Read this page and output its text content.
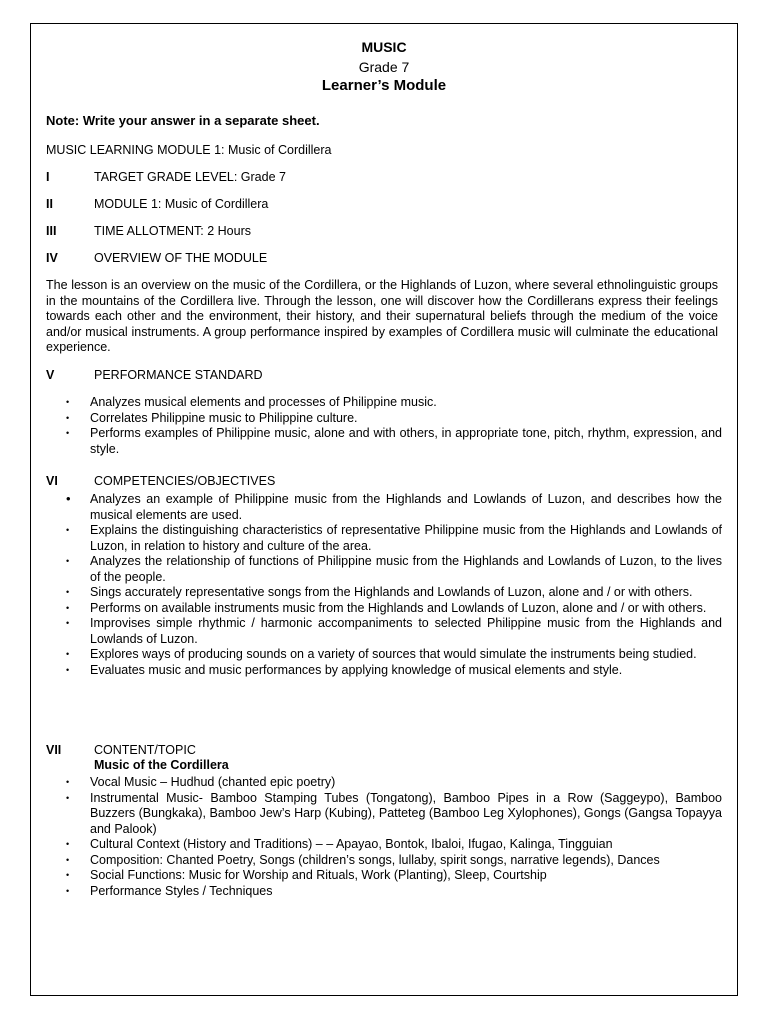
MUSIC
Grade 7
Learner’s Module
Note: Write your answer in a separate sheet.
MUSIC LEARNING MODULE 1: Music of Cordillera
I	TARGET GRADE LEVEL: Grade 7
II	MODULE 1: Music of Cordillera
III	TIME ALLOTMENT: 2 Hours
IV	OVERVIEW OF THE MODULE
The lesson is an overview on the music of the Cordillera, or the Highlands of Luzon, where several ethnolinguistic groups in the mountains of the Cordillera live. Through the lesson, one will discover how the Cordillerans express their feelings towards each other and the environment, their history, and their supernatural beliefs through the medium of the voice and/or musical instruments. A group performance inspired by examples of Cordillera music will culminate the educational experience.
V	PERFORMANCE STANDARD
•	Analyzes musical elements and processes of Philippine music.
•	Correlates Philippine music to Philippine culture.
•	Performs examples of Philippine music, alone and with others, in appropriate tone, pitch, rhythm, expression, and style.
VI	COMPETENCIES/OBJECTIVES
•	Analyzes an example of Philippine music from the Highlands and Lowlands of Luzon, and describes how the musical elements are used.
•	Explains the distinguishing characteristics of representative Philippine music from the Highlands and Lowlands of Luzon, in relation to history and culture of the area.
•	Analyzes the relationship of functions of Philippine music from the Highlands and Lowlands of Luzon, to the lives of the people.
•	Sings accurately representative songs from the Highlands and Lowlands of Luzon, alone and / or with others.
•	Performs on available instruments music from the Highlands and Lowlands of Luzon, alone and / or with others.
•	Improvises simple rhythmic / harmonic accompaniments to selected Philippine music from the Highlands and Lowlands of Luzon.
•	Explores ways of producing sounds on a variety of sources that would simulate the instruments being studied.
•	Evaluates music and music performances by applying knowledge of musical elements and style.
VII	CONTENT/TOPIC
Music of the Cordillera
•	Vocal Music – Hudhud (chanted epic poetry)
•	Instrumental Music- Bamboo Stamping Tubes (Tongatong), Bamboo Pipes in a Row (Saggeypo), Bamboo Buzzers (Bungkaka), Bamboo Jew’s Harp (Kubing), Patteteg (Bamboo Leg Xylophones), Gongs (Gangsa Topayya and Palook)
•	Cultural Context (History and Traditions) – – Apayao, Bontok, Ibaloi, Ifugao, Kalinga, Tingguian
•	Composition: Chanted Poetry, Songs (children’s songs, lullaby, spirit songs, narrative legends), Dances
•	Social Functions: Music for Worship and Rituals, Work (Planting), Sleep, Courtship
•	Performance Styles / Techniques
